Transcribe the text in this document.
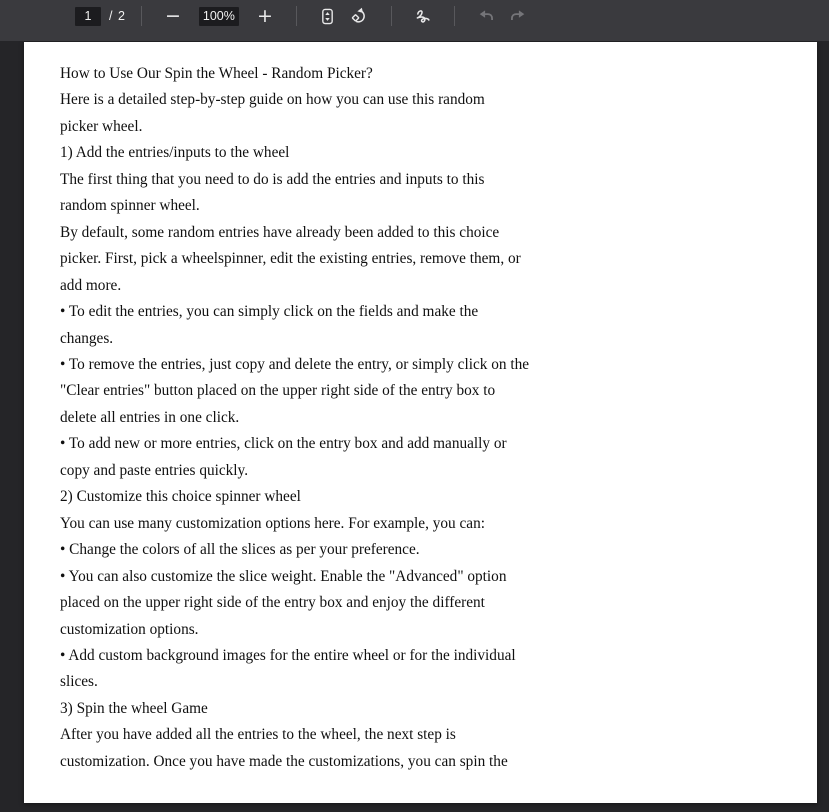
1
/ 2 −	100% +
How to Use Our Spin the Wheel - Random Picker?
Here is a detailed step-by-step guide on how you can use this random
picker wheel.
1) Add the entries/inputs to the wheel
The first thing that you need to do is add the entries and inputs to this
random spinner wheel.
By default, some random entries have already been added to this choice
picker. First, pick a wheelspinner, edit the existing entries, remove them, or
add more.
• To edit the entries, you can simply click on the fields and make the
changes.
• To remove the entries, just copy and delete the entry, or simply click on the
"Clear entries" button placed on the upper right side of the entry box to
delete all entries in one click.
• To add new or more entries, click on the entry box and add manually or
copy and paste entries quickly.
2) Customize this choice spinner wheel
You can use many customization options here. For example, you can:
• Change the colors of all the slices as per your preference.
• You can also customize the slice weight. Enable the "Advanced" option
placed on the upper right side of the entry box and enjoy the different
customization options.
• Add custom background images for the entire wheel or for the individual
slices.
3) Spin the wheel Game
After you have added all the entries to the wheel, the next step is
customization. Once you have made the customizations, you can spin the
